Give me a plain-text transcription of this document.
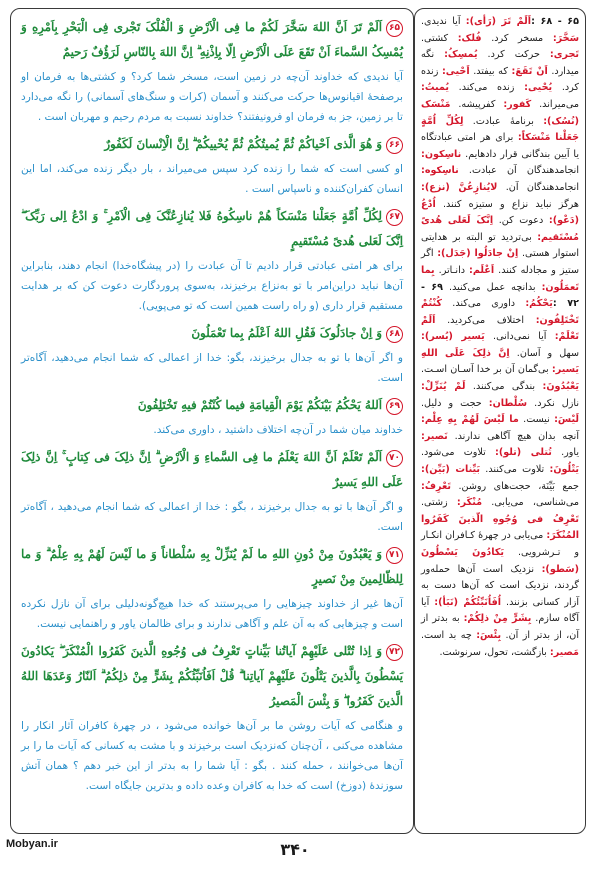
۶۵ - ۶۸ :اَلَمْ تَرَ (رَأی): آیا ندیدی. سَخَّرَ: مسخر کرد. فُلک: کشتی. تَجری: حرکت کرد. یُمسِکُ: نگه میدارد. اَنْ تَقَعَ: که بیفتد. اَحْیی: زنده کرد. یُحْیی: زنده می‌کند. یُمیتُ: می‌میراند. کَفور: کفرپیشه. مَنْسَک (نُسُک): برنامهٔ عبادت. لِکُلِّ اُمَّةٍ جَعَلْنا مَنْسَکاً: برای هر امتی عبادتگاه یا آیین بندگانی قرار دادهایم. ناسِکون: انجامدهندگان آن عبادت. ناسِکوه: انجامدهندگان آن. لایُنازِعُنَّ (نزع): هرگز نباید نزاع و ستیزه کنند. اُدْعُ (دَعْو): دعوت کن. اِنَّکَ لَعَلی هُدیً مُسْتَقیم: بی‌تردید تو البته بر هدایتی استوار هستی. اِنْ جادَلُوا (جَدَل): اگر ستیز و مجادله کنند. اَعْلَم: دانـاتر. بِما تَعمَلُون: بدانچه عمل می‌کنید. ۶۹ - ۷۲ :یَحْکُمُ: داوری می‌کند. کُنْتُمْ تَخْتَلِفُون: اختلاف می‌کردید. اَلَمْ تَعْلَمْ: آیا نمی‌دانی. یَسیر (یُسر): سهل و آسان. اِنَّ ذلِکَ عَلَی اللهِ یَسیر: بی‌گمان آن بر خدا آسـان اسـت. یَعْبُدُونَ: بندگی می‌کنند. لَمْ یُنَزِّلْ: نازل نکرد. سُلْطان: حجت و دلیل. لَیْسَ: نیست. ما لَیْسَ لَهُمْ بِهِ عِلْم: آنچه بدان هیچ آگاهی ندارند. نَصیر: یاور. تُتلی (تلو): تلاوت می‌شود. یَتْلُونَ: تلاوت می‌کنند. بَیِّنات (بَیِّن): جمع بَیِّنَة، حجت‌های روشن. تَعْرِفُ: می‌شناسی، می‌یابی. مُنْکَر: زشتی. تَعْرِفُ فی وُجُوهِ الّذینَ کَفَرُوا المُنْکَرَ: می‌یابی در چهرهٔ کـافران انکـار و تـرشرویی. یَکادُونَ یَسْطُونَ (سَطو): نزدیک است آن‌ها حمله‌ور گردند، نزدیک است که آن‌ها دست به آزار کسانی بزنند. اُفَاُنَبِّئُکُمْ (نَبَأ): آیا آگاه سازم. بِشَرٍّ مِنْ ذلِکُمْ: به بدتر از آن، از بدتر از آن. بِئْسَ: چه بد است. مَصیر: بازگشت، تحول، سرنوشت.
۶۵اَلَمْ تَرَ اَنَّ اللهَ سَخَّرَ لَکُمْ ما فِی الْاَرْضِ وَ الْفُلْکَ تَجْری فِی الْبَحْرِ بِاَمْرِهِ وَ یُمْسِکُ السَّماءَ اَنْ تَقَعَ عَلَی الْاَرْضِ اِلّا بِاِذْنِهِ ۗ اِنَّ اللهَ بِالنّاسِ لَرَؤُفٌ رَحیمٌ
آیا ندیدی که خداوند آن‌چه در زمین است، مسخر شما کرد؟ و کشتی‌ها به فرمان او برصفحهٔ اقیانوس‌ها حرکت می‌کنند و آسمان (کرات و سنگ‌های آسمانی) را نگه می‌دارد تا بر زمین، جز به فرمان او فرونیفتند؟ خداوند نسبت به مردم رحیم و مهربان است .
۶۶وَ هُوَ الَّذی اَحْیاکُمْ ثُمَّ یُمیتُکُمْ ثُمَّ یُحْییکُمْ ۗ اِنَّ الْاِنْسانَ لَکَفُورٌ
او کسی است که شما را زنده کرد سپس می‌میراند ، بار دیگر زنده می‌کند، اما این انسان کفران‌کننده و ناسپاس است .
۶۷لِکُلِّ اُمَّةٍ جَعَلْنا مَنْسَکاً هُمْ ناسِکُوهُ فَلا یُنازِعُنَّکَ فِی الْاَمْرِ ۚ وَ ادْعُ اِلی رَبِّکَ ۖ اِنَّکَ لَعَلی هُدیً مُسْتَقیمٍ
برای هر امتی عبادتی قرار دادیم تا آن عبادت را (در پیشگاه‌خدا) انجام دهند، بنابراین آن‌ها نباید دراین‌امر با تو به‌نزاع برخیزند، به‌سوی پروردگارت دعوت کن که بر هدایت مستقیم قرار داری (و راه راست همین است که تو می‌پویی).
۶۸وَ اِنْ جادَلُوکَ فَقُلِ اللهُ اَعْلَمُ بِما تَعْمَلُونَ
و اگر آن‌ها با تو به جدال برخیزند، بگو: خدا از اعمالی که شما انجام می‌دهید، آگاه‌تر است.
۶۹اَللهُ یَحْکُمُ بَیْنَکُمْ یَوْمَ الْقِیامَةِ فیما کُنْتُمْ فیهِ تَخْتَلِفُونَ
خداوند میان شما در آن‌چه اختلاف داشتید ، داوری می‌کند.
۷۰اَلَمْ تَعْلَمْ اَنَّ اللهَ یَعْلَمُ ما فِی السَّماءِ وَ الْاَرْضِ ۗ اِنَّ ذلِکَ فی کِتابٍ ۚ اِنَّ ذلِکَ عَلَی اللهِ یَسیرٌ
و اگر آن‌ها با تو به جدال برخیزند ، بگو : خدا از اعمالی که شما انجام می‌دهید ، آگاه‌تر است.
۷۱وَ یَعْبُدُونَ مِنْ دُونِ اللهِ ما لَمْ یُنَزِّلْ بِهِ سُلْطاناً وَ ما لَیْسَ لَهُمْ بِهِ عِلْمٌ ۗ وَ ما لِلظّالِمینَ مِنْ نَصیرٍ
آن‌ها غیر از خداوند چیزهایی را می‌پرستند که خدا هیچ‌گونه‌دلیلی برای آن نازل نکرده است و چیزهایی که به آن علم و آگاهی ندارند و برای ظالمان یاور و راهنمایی نیست.
۷۲وَ اِذا تُتْلی عَلَیْهِمْ آیاتُنا بَیِّناتٍ تَعْرِفُ فی وُجُوهِ الَّذینَ کَفَرُوا الْمُنْکَرَ ۖ یَکادُونَ یَسْطُونَ بِالَّذینَ یَتْلُونَ عَلَیْهِمْ آیاتِنا ۗ قُلْ اَفَاُنَبِّئُکُمْ بِشَرٍّ مِنْ ذلِکُمُ ۗ اَلنّارُ وَعَدَهَا اللهُ الَّذینَ کَفَرُوا ۖ وَ بِئْسَ الْمَصیرُ
و هنگامی که آیات روشن ما بر آن‌ها خوانده می‌شود ، در چهرهٔ کافران آثار انکار را مشاهده می‌کنی ، آن‌چنان که‌نزدیک است برخیزند و با مشت به کسانی که آیات ما را بر آن‌ها می‌خوانند ، حمله کنند . بگو : آیا شما را به بدتر از این خبر دهم ؟ همان آتش سوزندهٔ (دوزخ) است که خدا به کافران وعده داده و بدترین جایگاه است.
۳۴۰
Mobyan.ir
